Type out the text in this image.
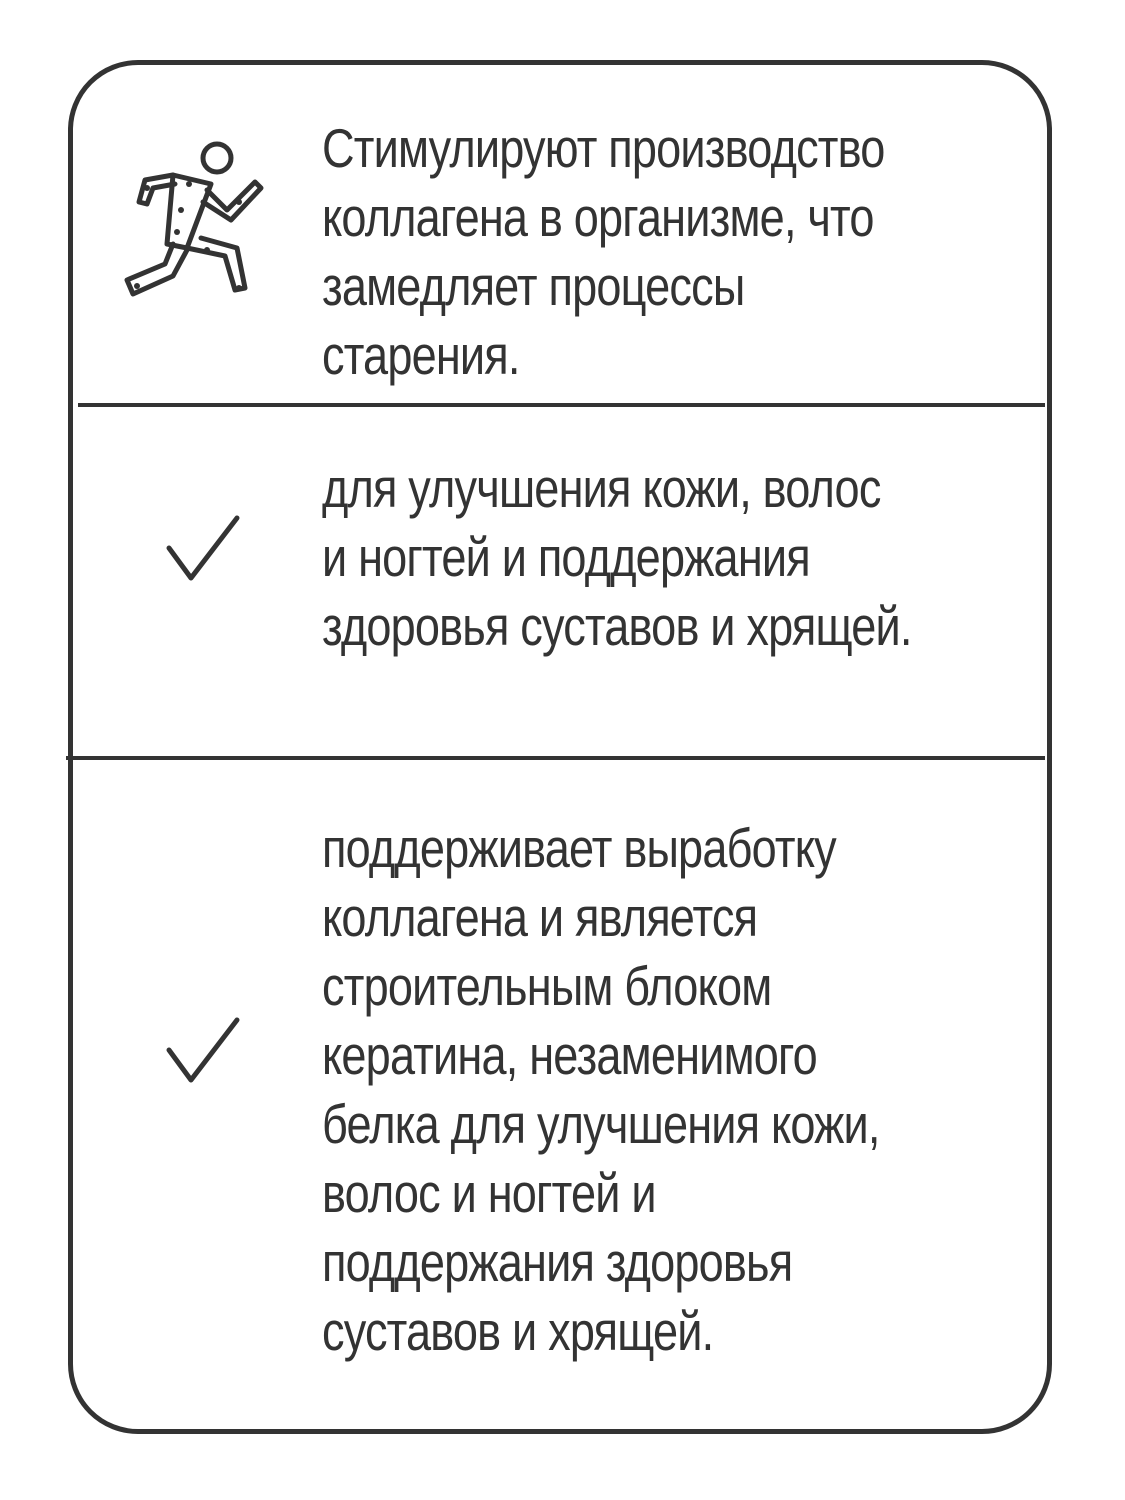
Стимулируют производство
коллагена в организме, что
замедляет процессы
старения.
для улучшения кожи, волос
и ногтей и поддержания
здоровья суставов и хрящей.
поддерживает выработку
коллагена и является
строительным блоком
кератина, незаменимого
белка для улучшения кожи,
волос и ногтей и
поддержания здоровья
суставов и хрящей.
